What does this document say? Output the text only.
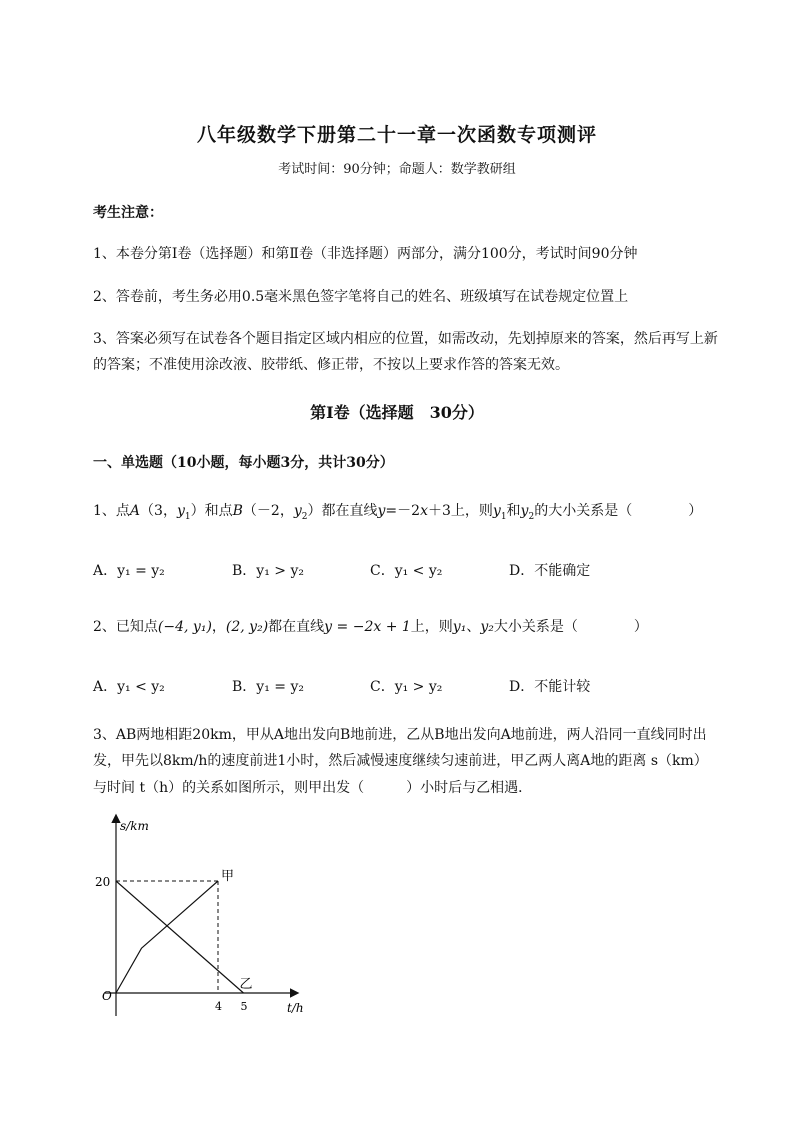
八年级数学下册第二十一章一次函数专项测评
考试时间：90分钟；命题人：数学教研组
考生注意：
1、本卷分第I卷（选择题）和第Ⅱ卷（非选择题）两部分，满分100分，考试时间90分钟
2、答卷前，考生务必用0.5毫米黑色签字笔将自己的姓名、班级填写在试卷规定位置上
3、答案必须写在试卷各个题目指定区域内相应的位置，如需改动，先划掉原来的答案，然后再写上新
的答案；不准使用涂改液、胶带纸、修正带，不按以上要求作答的答案无效。
第I卷（选择题　30分）
一、单选题（10小题，每小题3分，共计30分）
1、点A（3，$y_1$）和点B（－2，$y_2$）都在直线y=－2x＋3上，则$y_1$和$y_2$的大小关系是（　　　　）
A．y₁ = y₂	B．y₁ > y₂	C．y₁ < y₂	D．不能确定
2、已知点(−4, y₁)，(2, y₂)都在直线y = −2x + 1上，则y₁、y₂大小关系是（　　　　）
A．y₁ < y₂	B．y₁ = y₂	C．y₁ > y₂	D．不能计较
3、AB两地相距20km，甲从A地出发向B地前进，乙从B地出发向A地前进，两人沿同一直线同时出
发，甲先以8km/h的速度前进1小时，然后减慢速度继续匀速前进，甲乙两人离A地的距离 s（km）
与时间 t（h）的关系如图所示，则甲出发（　　　）小时后与乙相遇．
s/km
t/h
O
20
4 5
甲
乙
